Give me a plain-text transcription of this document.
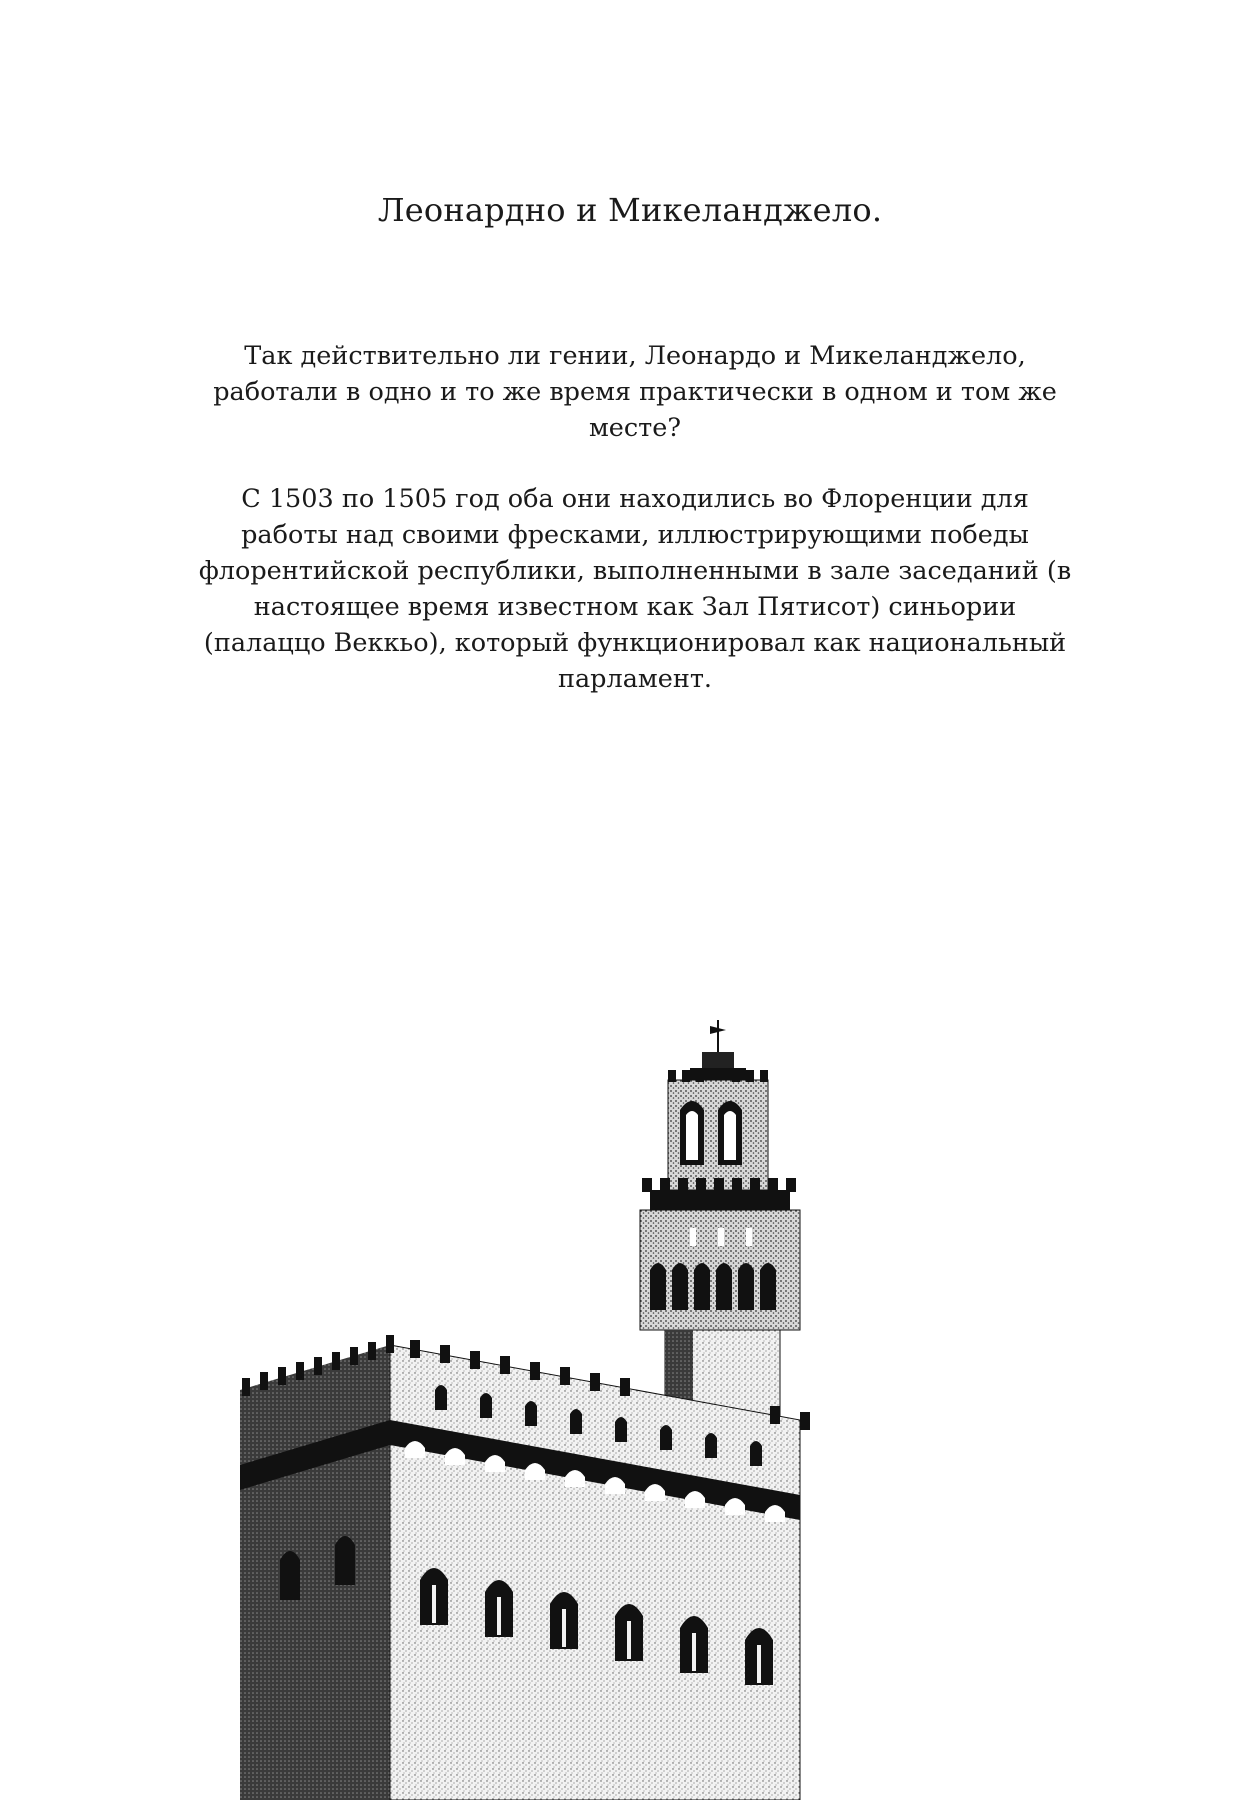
Леонардно и Микеланджело.

Так действительно ли гении, Леонардо и Микеланджело, работали в одно и то же время практически в одном и том же месте?

С 1503 по 1505 год оба они находились во Флоренции для работы над своими фресками, иллюстрирующими победы флорентийской республики, выполненными в зале заседаний (в настоящее время известном как Зал Пятисот) синьории (палаццо Веккьо), который функционировал как национальный парламент.
